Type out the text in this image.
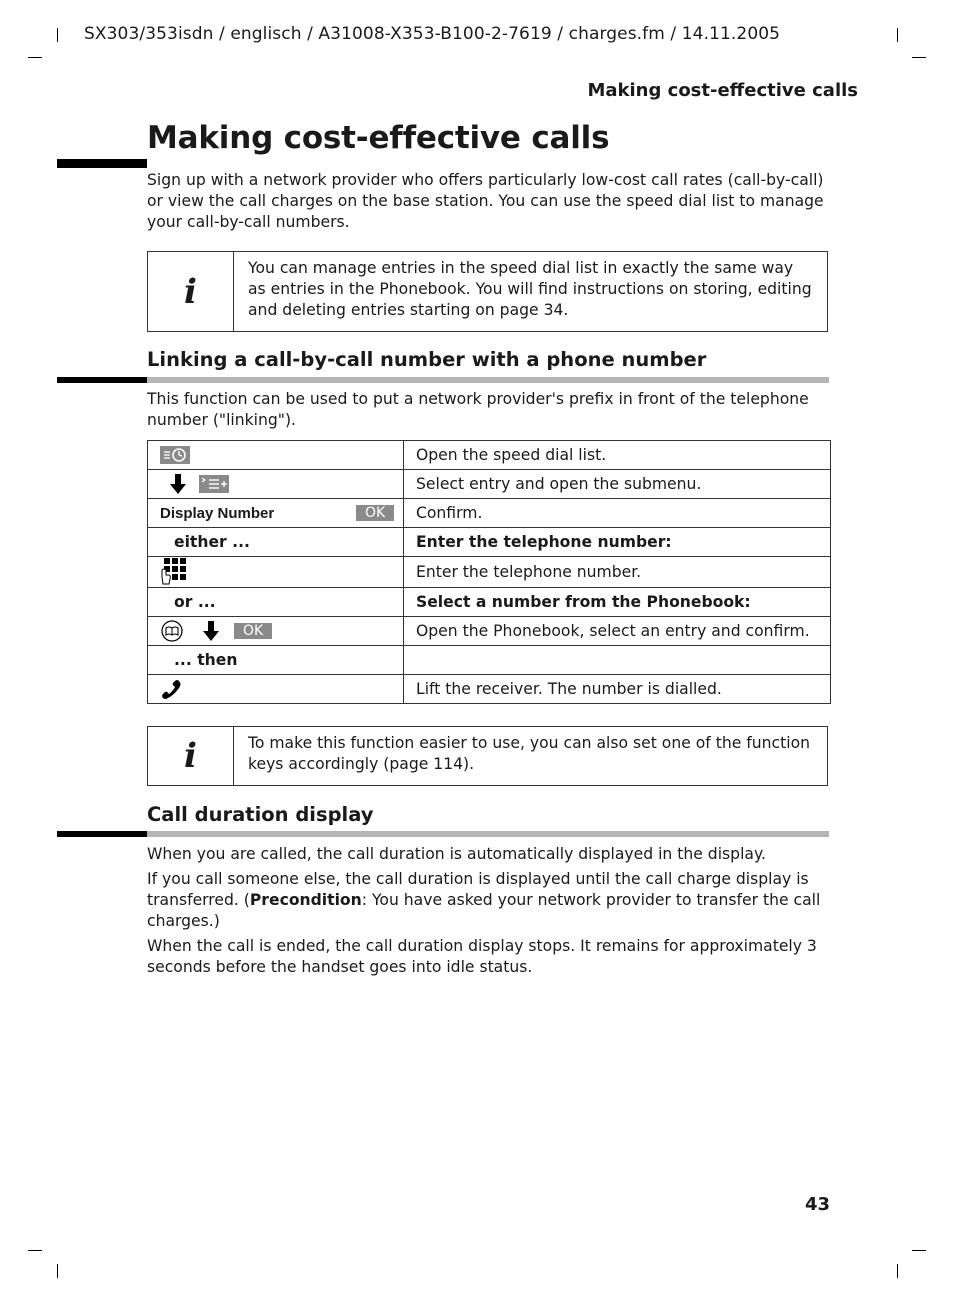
SX303/353isdn / englisch / A31008-X353-B100-2-7619 / charges.fm / 14.11.2005
Making cost-effective calls
Making cost-effective calls

Sign up with a network provider who offers particularly low-cost call rates (call-by-call) or view the call charges on the base station. You can use the speed dial list to manage your call-by-call numbers.

i
You can manage entries in the speed dial list in exactly the same way as entries in the Phonebook. You will find instructions on storing, editing and deleting entries starting on page 34.
Linking a call-by-call number with a phone number

This function can be used to put a network provider's prefix in front of the telephone number ("linking").

	Open the speed dial list.
	Select entry and open the submenu.
Display Number OK	Confirm.
either ...	Enter the telephone number:
	Enter the telephone number.
or ...	Select a number from the Phonebook:
OK	Open the Phonebook, select an entry and confirm.
... then	
	Lift the receiver. The number is dialled.
i	To make this function easier to use, you can also set one of the function keys accordingly (page 114).
Call duration display

When you are called, the call duration is automatically displayed in the display.

If you call someone else, the call duration is displayed until the call charge display is transferred. (Precondition: You have asked your network provider to transfer the call charges.)

When the call is ended, the call duration display stops. It remains for approximately 3 seconds before the handset goes into idle status.

43
